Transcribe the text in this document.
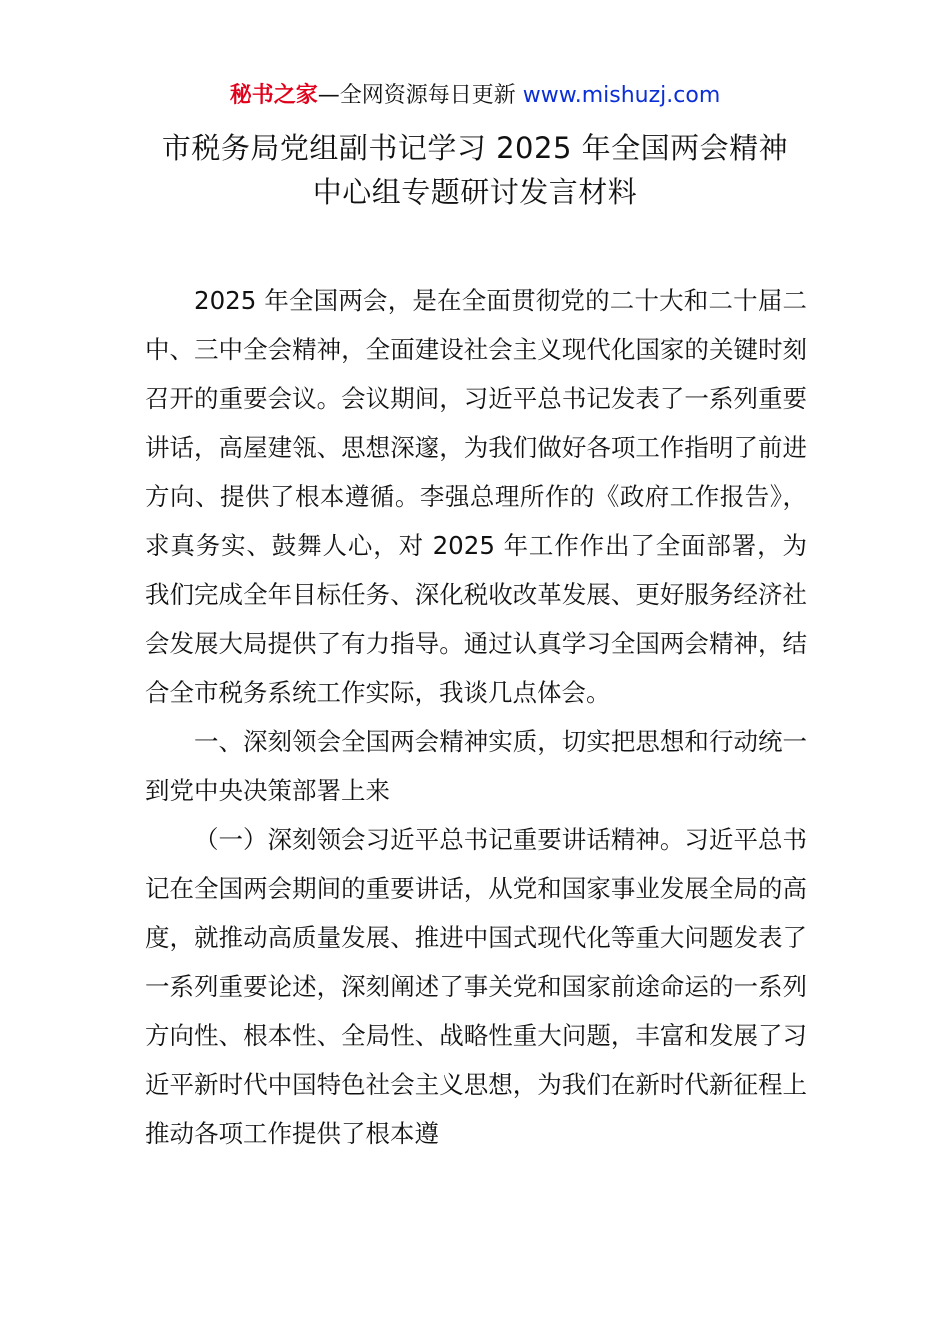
秘书之家—全网资源每日更新 www.mishuzj.com
市税务局党组副书记学习 2025 年全国两会精神
中心组专题研讨发言材料

2025 年全国两会，是在全面贯彻党的二十大和二十届二中、三中全会精神，全面建设社会主义现代化国家的关键时刻召开的重要会议。会议期间，习近平总书记发表了一系列重要讲话，高屋建瓴、思想深邃，为我们做好各项工作指明了前进方向、提供了根本遵循。李强总理所作的《政府工作报告》，求真务实、鼓舞人心，对 2025 年工作作出了全面部署，为我们完成全年目标任务、深化税收改革发展、更好服务经济社会发展大局提供了有力指导。通过认真学习全国两会精神，结合全市税务系统工作实际，我谈几点体会。

一、深刻领会全国两会精神实质，切实把思想和行动统一到党中央决策部署上来

（一）深刻领会习近平总书记重要讲话精神。习近平总书记在全国两会期间的重要讲话，从党和国家事业发展全局的高度，就推动高质量发展、推进中国式现代化等重大问题发表了一系列重要论述，深刻阐述了事关党和国家前途命运的一系列方向性、根本性、全局性、战略性重大问题，丰富和发展了习近平新时代中国特色社会主义思想，为我们在新时代新征程上推动各项工作提供了根本遵
